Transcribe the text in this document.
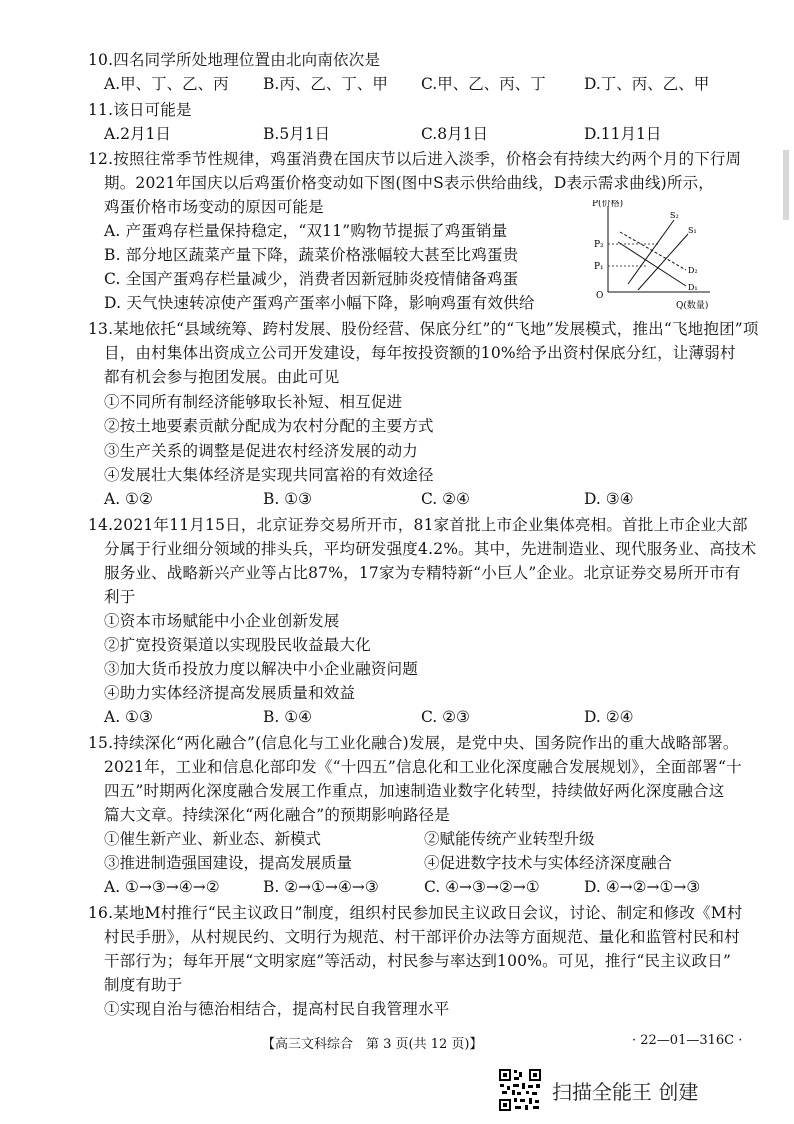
10.四名同学所处地理位置由北向南依次是
A.甲、丁、乙、丙 B.丙、乙、丁、甲 C.甲、乙、丙、丁 D.丁、丙、乙、甲
11.该日可能是
A.2月1日	B.5月1日	C.8月1日	D.11月1日
12.按照往常季节性规律，鸡蛋消费在国庆节以后进入淡季，价格会有持续大约两个月的下行周
期。2021年国庆以后鸡蛋价格变动如下图(图中S表示供给曲线，D表示需求曲线)所示，
鸡蛋价格市场变动的原因可能是
A. 产蛋鸡存栏量保持稳定，“双11”购物节提振了鸡蛋销量
B. 部分地区蔬菜产量下降，蔬菜价格涨幅较大甚至比鸡蛋贵
C. 全国产蛋鸡存栏量减少，消费者因新冠肺炎疫情储备鸡蛋
D. 天气快速转凉使产蛋鸡产蛋率小幅下降，影响鸡蛋有效供给
P(价格)
Q(数量)
O
P₂
P₁
S₂
S₁
D₂
D₁
13.某地依托“县域统筹、跨村发展、股份经营、保底分红”的“飞地”发展模式，推出“飞地抱团”项
目，由村集体出资成立公司开发建设，每年按投资额的10%给予出资村保底分红，让薄弱村
都有机会参与抱团发展。由此可见
①不同所有制经济能够取长补短、相互促进
②按土地要素贡献分配成为农村分配的主要方式
③生产关系的调整是促进农村经济发展的动力
④发展壮大集体经济是实现共同富裕的有效途径
A. ①②	B. ①③	C. ②④	D. ③④
14.2021年11月15日，北京证券交易所开市，81家首批上市企业集体亮相。首批上市企业大部
分属于行业细分领域的排头兵，平均研发强度4.2%。其中，先进制造业、现代服务业、高技术
服务业、战略新兴产业等占比87%，17家为专精特新“小巨人”企业。北京证券交易所开市有
利于
①资本市场赋能中小企业创新发展
②扩宽投资渠道以实现股民收益最大化
③加大货币投放力度以解决中小企业融资问题
④助力实体经济提高发展质量和效益
A. ①③	B. ①④	C. ②③	D. ②④
15.持续深化“两化融合”(信息化与工业化融合)发展，是党中央、国务院作出的重大战略部署。
2021年，工业和信息化部印发《“十四五”信息化和工业化深度融合发展规划》，全面部署“十
四五”时期两化深度融合发展工作重点，加速制造业数字化转型，持续做好两化深度融合这
篇大文章。持续深化“两化融合”的预期影响路径是
①催生新产业、新业态、新模式	②赋能传统产业转型升级
③推进制造强国建设，提高发展质量	④促进数字技术与实体经济深度融合
A. ①→③→④→②	B. ②→①→④→③	C. ④→③→②→①	D. ④→②→①→③
16.某地M村推行“民主议政日”制度，组织村民参加民主议政日会议，讨论、制定和修改《M村
村民手册》，从村规民约、文明行为规范、村干部评价办法等方面规范、量化和监管村民和村
干部行为；每年开展“文明家庭”等活动，村民参与率达到100%。可见，推行“民主议政日”
制度有助于
①实现自治与德治相结合，提高村民自我管理水平
【高三文科综合　第 3 页(共 12 页)】	· 22—01—316C ·
扫描全能王 创建
